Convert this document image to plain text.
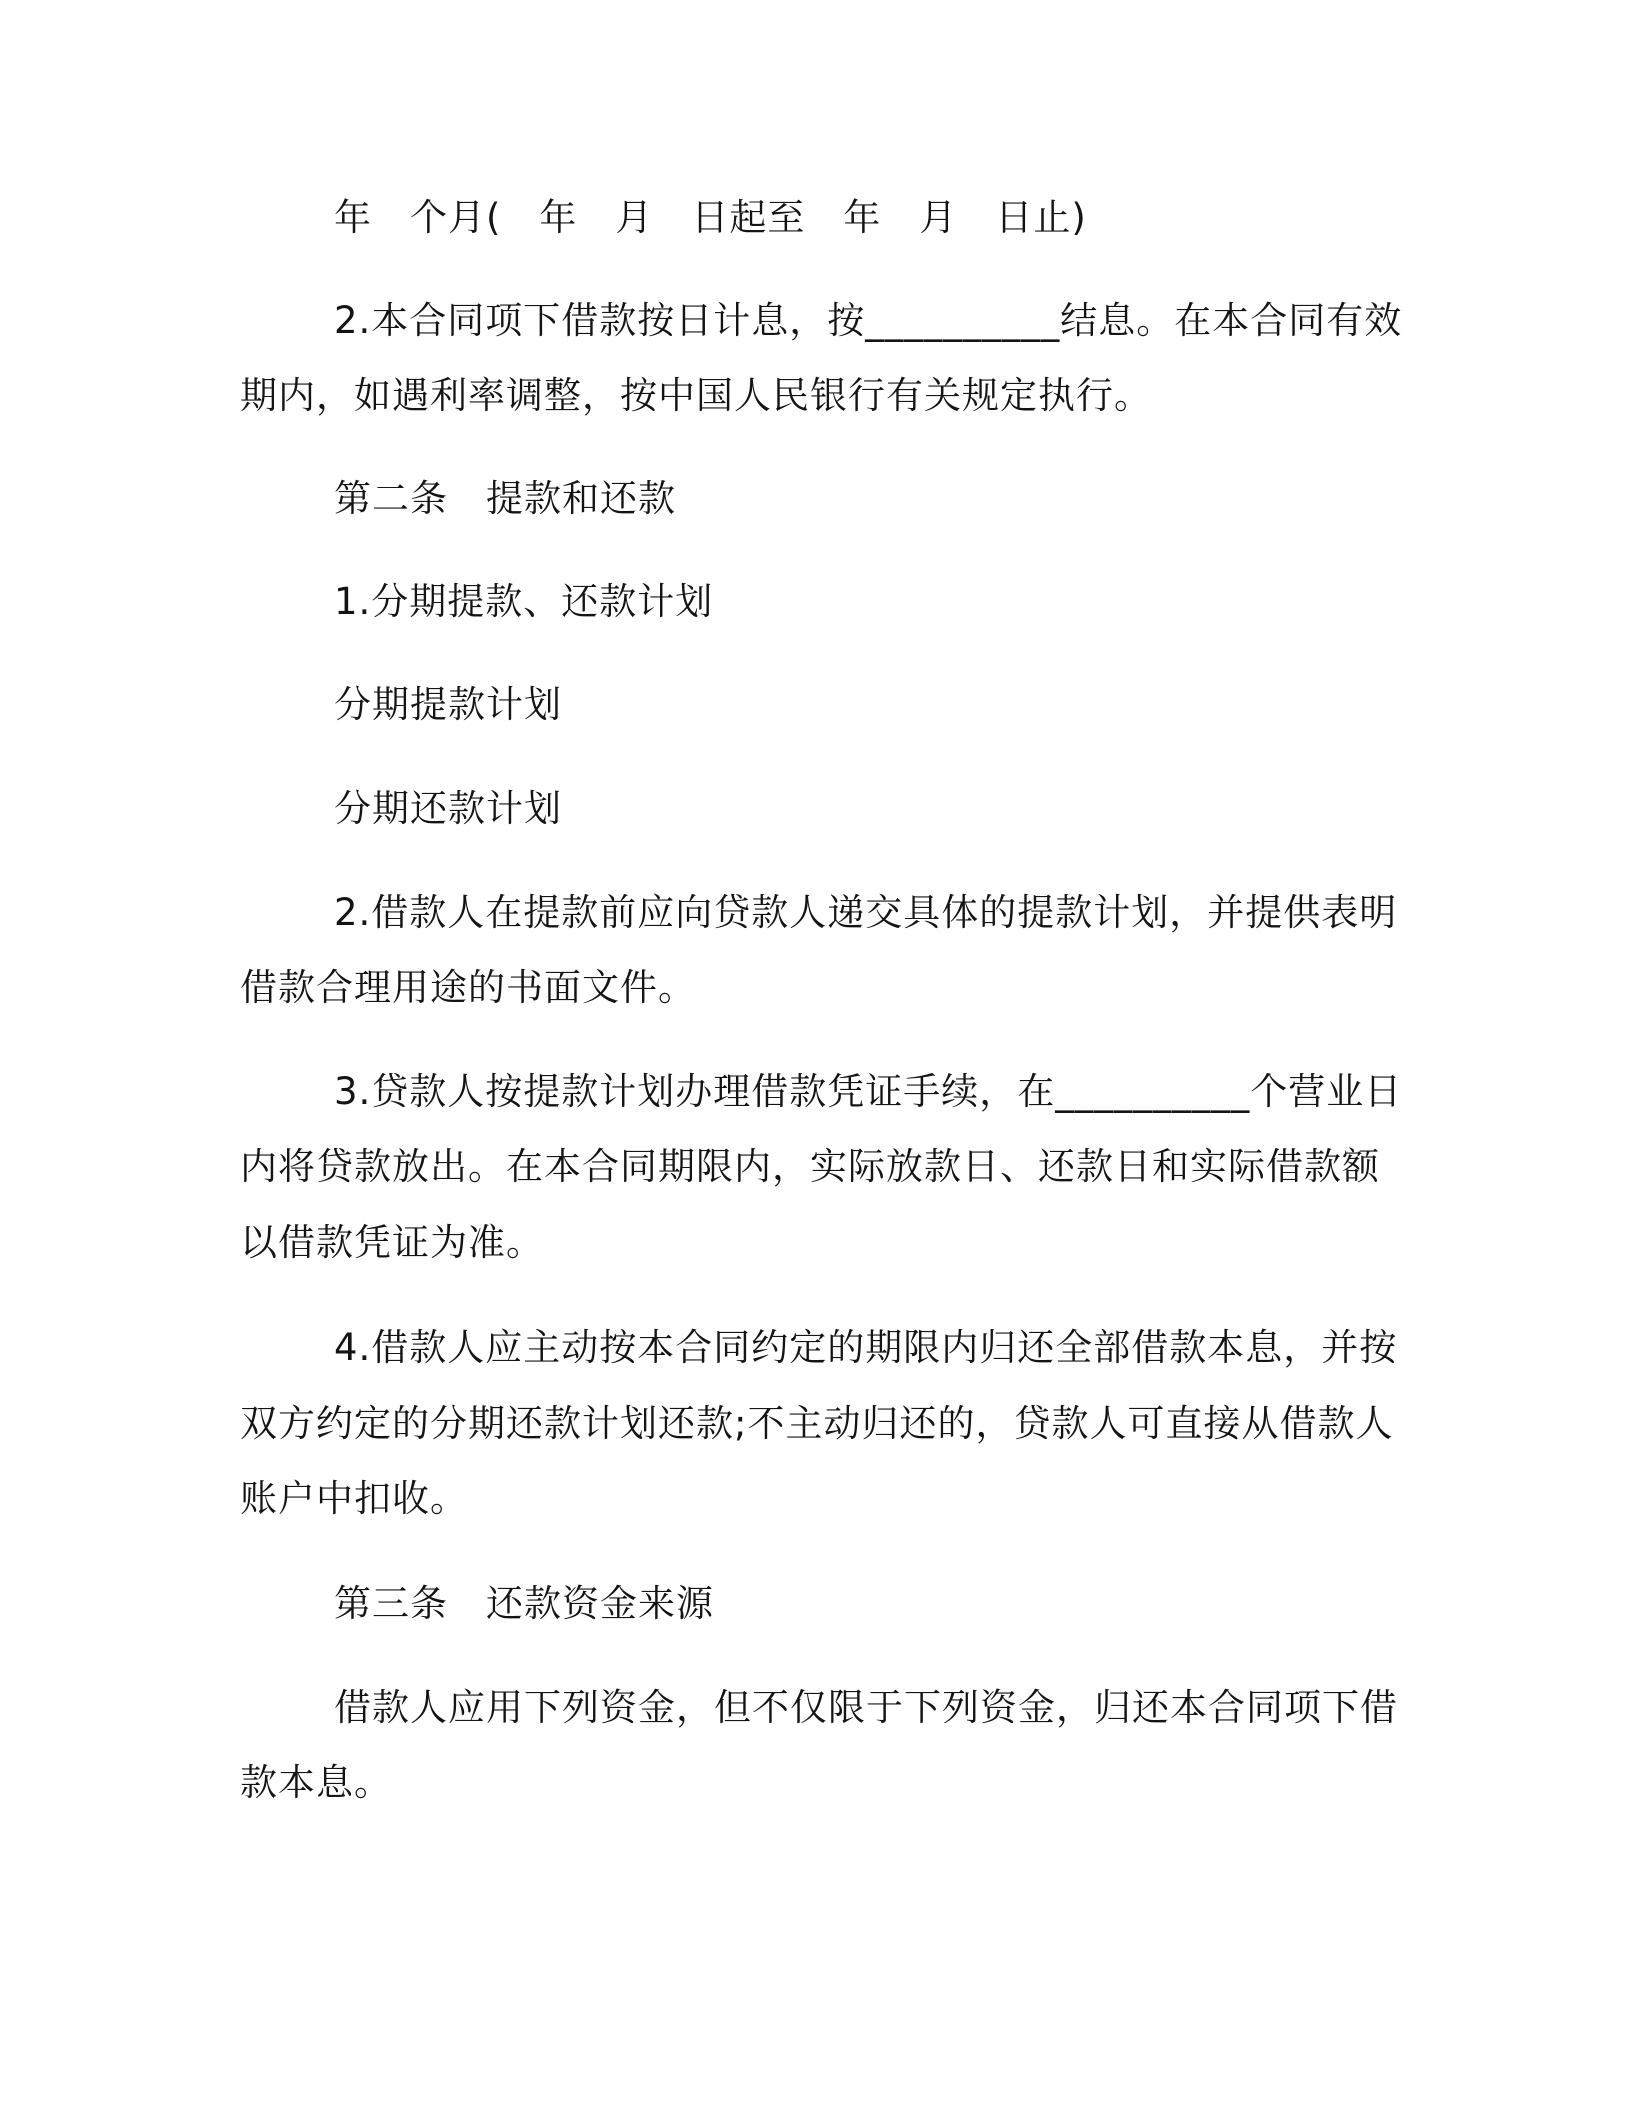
年　个月(　年　月　日起至　年　月　日止)
2.本合同项下借款按日计息，按__________结息。在本合同有效
期内，如遇利率调整，按中国人民银行有关规定执行。
第二条　提款和还款
1.分期提款、还款计划
分期提款计划
分期还款计划
2.借款人在提款前应向贷款人递交具体的提款计划，并提供表明
借款合理用途的书面文件。
3.贷款人按提款计划办理借款凭证手续，在__________个营业日
内将贷款放出。在本合同期限内，实际放款日、还款日和实际借款额
以借款凭证为准。
4.借款人应主动按本合同约定的期限内归还全部借款本息，并按
双方约定的分期还款计划还款;不主动归还的，贷款人可直接从借款人
账户中扣收。
第三条　还款资金来源
借款人应用下列资金，但不仅限于下列资金，归还本合同项下借
款本息。
